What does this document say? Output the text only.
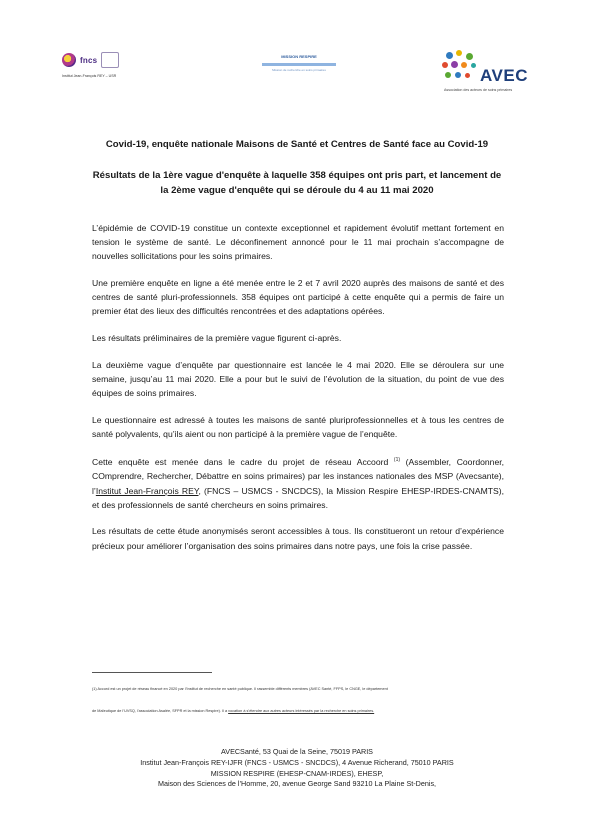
fncs
Institut Jean-François REY – USR
MISSION RESPIRE
Mission de recherche en soins primaires	AVEC
Association des acteurs de soins primaires
Covid-19, enquête nationale Maisons de Santé et Centres de Santé face au Covid-19
Résultats de la 1ère vague d'enquête à laquelle 358 équipes ont pris part, et lancement de la 2ème vague d'enquête qui se déroule du 4 au 11 mai 2020

L’épidémie de COVID-19 constitue un contexte exceptionnel et rapidement évolutif mettant fortement en tension le système de santé. Le déconfinement annoncé pour le 11 mai prochain s’accompagne de nouvelles sollicitations pour les soins primaires.

Une première enquête en ligne a été menée entre le 2 et 7 avril 2020 auprès des maisons de santé et des centres de santé pluri-professionnels. 358 équipes ont participé à cette enquête qui a permis de faire un premier état des lieux des difficultés rencontrées et des adaptations opérées.

Les résultats préliminaires de la première vague figurent ci-après.

La deuxième vague d’enquête par questionnaire est lancée le 4 mai 2020. Elle se déroulera sur une semaine, jusqu’au 11 mai 2020. Elle a pour but le suivi de l’évolution de la situation, du point de vue des équipes de soins primaires.

Le questionnaire est adressé à toutes les maisons de santé pluriprofessionnelles et à tous les centres de santé polyvalents, qu’ils aient ou non participé à la première vague de l’enquête.

Cette enquête est menée dans le cadre du projet de réseau Accoord $^{(1)}$ (Assembler, Coordonner, COmprendre, Rechercher, Débattre en soins primaires) par les instances nationales des MSP (Avecsante), l’Institut Jean-François REY, (FNCS – USMCS - SNCDCS), la Mission Respire EHESP-IRDES-CNAMTS), et des professionnels de santé chercheurs en soins primaires.

Les résultats de cette étude anonymisés seront accessibles à tous. Ils constitueront un retour d’expérience précieux pour améliorer l’organisation des soins primaires dans notre pays, une fois la crise passée.

(1) Accord est un projet de réseau financé en 2020 par l’Institut de recherche en santé publique. Il rassemble différents membres (AVEC Santé, FFPS, le CNGE, le département
de Maïeutique de l’UVSQ, l’association Asalée, SFPR et la mission Respire). Il a vocation à s’étendre aux autres acteurs intéressés par la recherche en soins primaires.
AVECSanté, 53 Quai de la Seine, 75019 PARIS
Institut Jean-François REY-IJFR (FNCS - USMCS - SNCDCS), 4 Avenue Richerand, 75010 PARIS
MISSION RESPIRE (EHESP-CNAM-IRDES), EHESP,
Maison des Sciences de l’Homme, 20, avenue George Sand 93210 La Plaine St-Denis,
